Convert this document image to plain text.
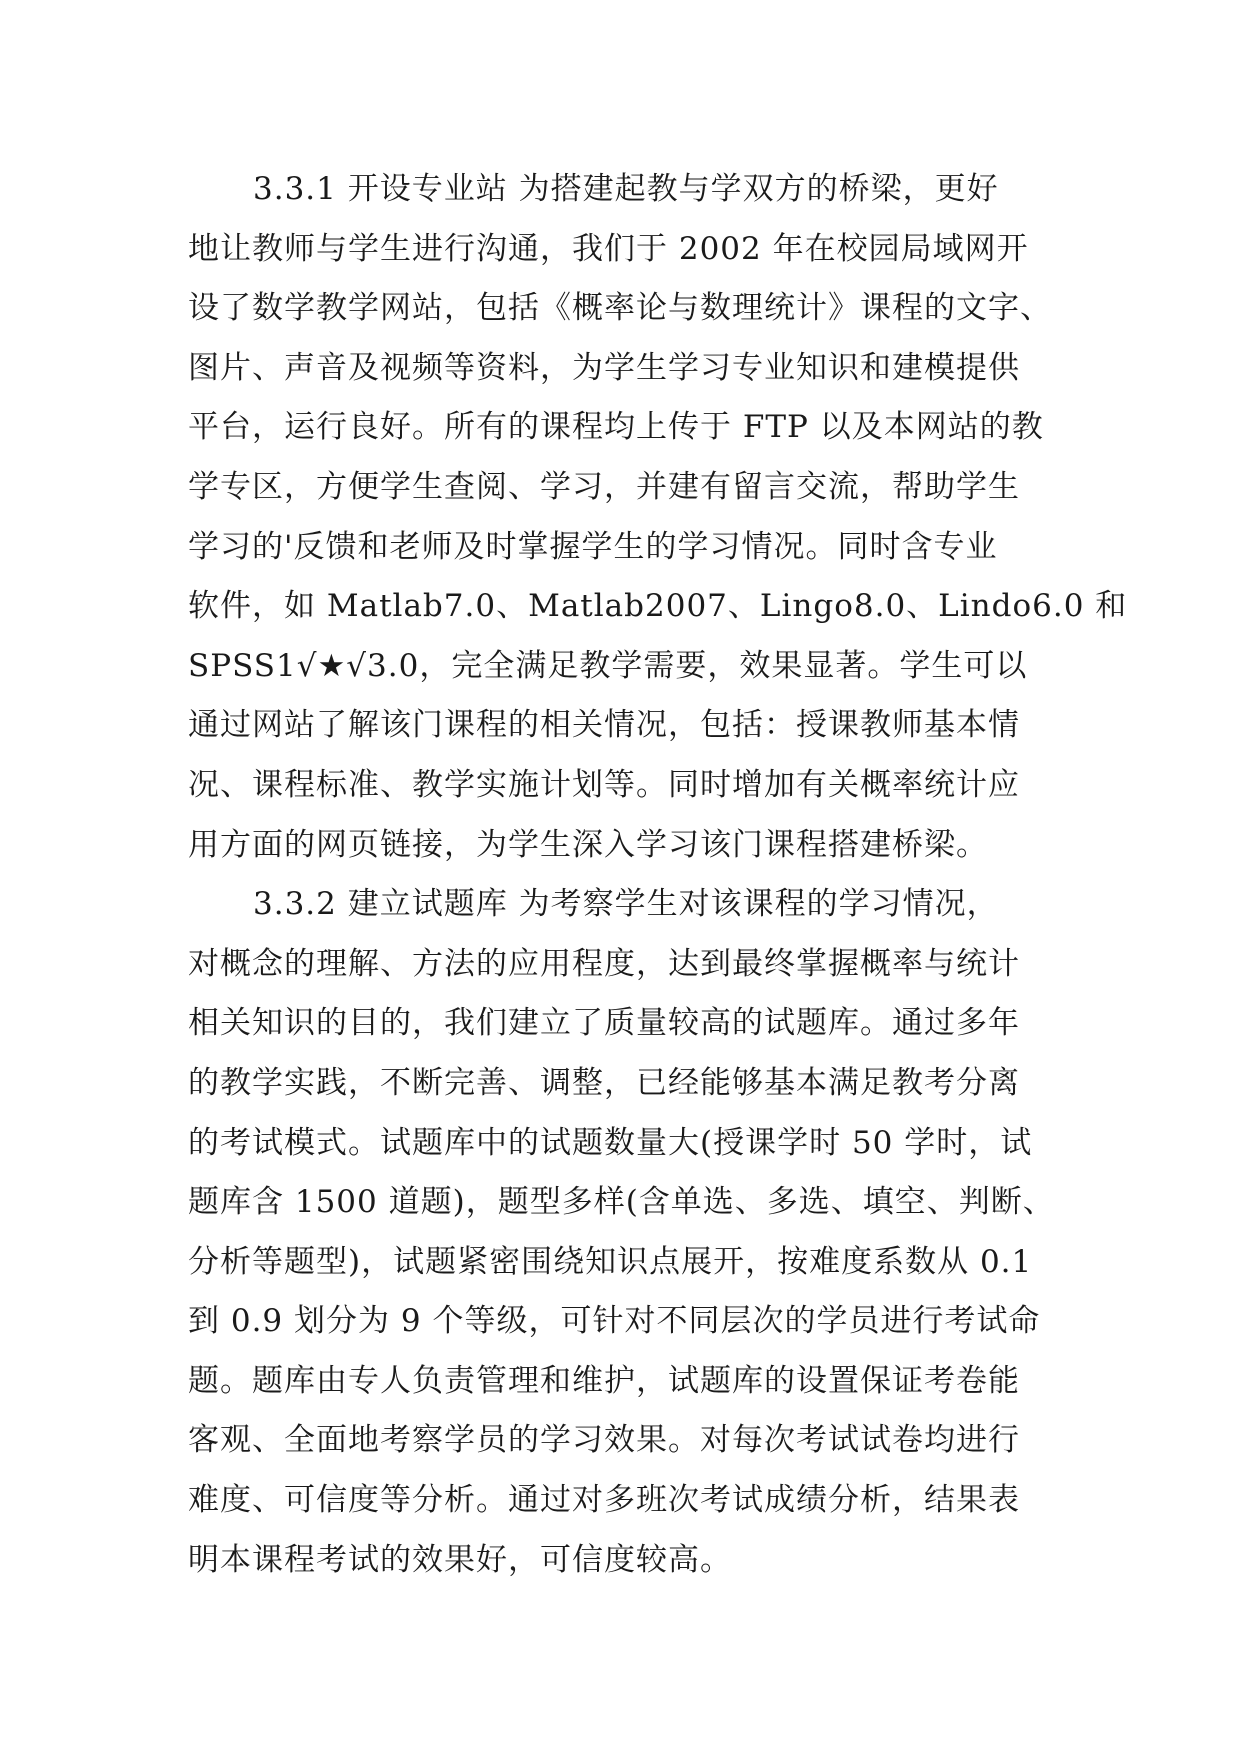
3.3.1 开设专业站 为搭建起教与学双方的桥梁，更好
地让教师与学生进行沟通，我们于 2002 年在校园局域网开
设了数学教学网站，包括《概率论与数理统计》课程的文字、
图片、声音及视频等资料，为学生学习专业知识和建模提供
平台，运行良好。所有的课程均上传于 FTP 以及本网站的教
学专区，方便学生查阅、学习，并建有留言交流，帮助学生
学习的'反馈和老师及时掌握学生的学习情况。同时含专业
软件，如 Matlab7.0、Matlab2007、Lingo8.0、Lindo6.0 和
SPSS1√★√3.0，完全满足教学需要，效果显著。学生可以
通过网站了解该门课程的相关情况，包括：授课教师基本情
况、课程标准、教学实施计划等。同时增加有关概率统计应
用方面的网页链接，为学生深入学习该门课程搭建桥梁。
3.3.2 建立试题库 为考察学生对该课程的学习情况，
对概念的理解、方法的应用程度，达到最终掌握概率与统计
相关知识的目的，我们建立了质量较高的试题库。通过多年
的教学实践，不断完善、调整，已经能够基本满足教考分离
的考试模式。试题库中的试题数量大(授课学时 50 学时，试
题库含 1500 道题)，题型多样(含单选、多选、填空、判断、
分析等题型)，试题紧密围绕知识点展开，按难度系数从 0.1
到 0.9 划分为 9 个等级，可针对不同层次的学员进行考试命
题。题库由专人负责管理和维护，试题库的设置保证考卷能
客观、全面地考察学员的学习效果。对每次考试试卷均进行
难度、可信度等分析。通过对多班次考试成绩分析，结果表
明本课程考试的效果好，可信度较高。
